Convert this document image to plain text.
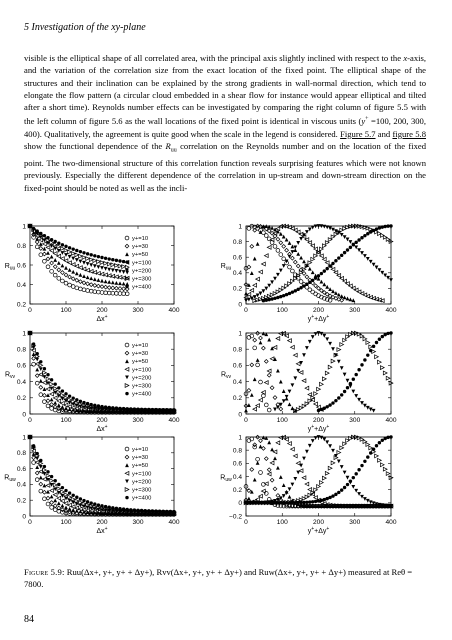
5 Investigation of the xy-plane
visible is the elliptical shape of all correlated area, with the principal axis slightly inclined with respect to the x-axis, and the variation of the correlation size from the exact location of the fixed point. The elliptical shape of the structures and their inclination can be explained by the strong gradients in wall-normal direction, which tend to elongate the flow pattern (a circular cloud embedded in a shear flow for instance would appear elliptical and tilted after a short time). Reynolds number effects can be investigated by comparing the right column of figure 5.5 with the left column of figure 5.6 as the wall locations of the fixed point is identical in viscous units (y+ =100, 200, 300, 400). Qualitatively, the agreement is quite good when the scale in the legend is considered. Figure 5.7 and figure 5.8 show the functional dependence of the $R_{uu}$ correlation on the Reynolds number and on the location of the fixed point. The two-dimensional structure of this correlation function reveals surprising features which were not known previously. Especially the different dependence of the correlation in up-stream and down-stream direction on the fixed-point should be noted as well as the incli-
0	100	200	300	400
0.2
0.4
0.6
0.8
1
$R_{uu}$
Δx+
y+=10
y+=30
y+=50
y+=100
y+=200
y+=300
y+=400
0	100	200	300	400
0
0.2
0.4
0.6
0.8
1
$R_{vv}$
Δx+
y+=10
y+=30
y+=50
y+=100
y+=200
y+=300
y+=400
0	100	200	300	400
0
0.2
0.4
0.6
0.8
1
$R_{uw}$
Δx+
y+=10
y+=30
y+=50
y+=100
y+=200
y+=300
y+=400
0	100	200	300	400
0
0.2
0.4
0.6
0.8
1
$R_{uu}$
y++Δy+
0	100	200	300	400
0
0.2
0.4
0.6
0.8
1
$R_{vv}$
y++Δy+
0	100	200	300	400
−0.2
0
0.2
0.4
0.6
0.8
1
$R_{uw}$
y++Δy+
Figure 5.9: Ruu(Δx+, y+, y+ + Δy+), Rvv(Δx+, y+, y+ + Δy+) and Ruw(Δx+, y+, y+ + Δy+) measured at Reθ = 7800.
84
